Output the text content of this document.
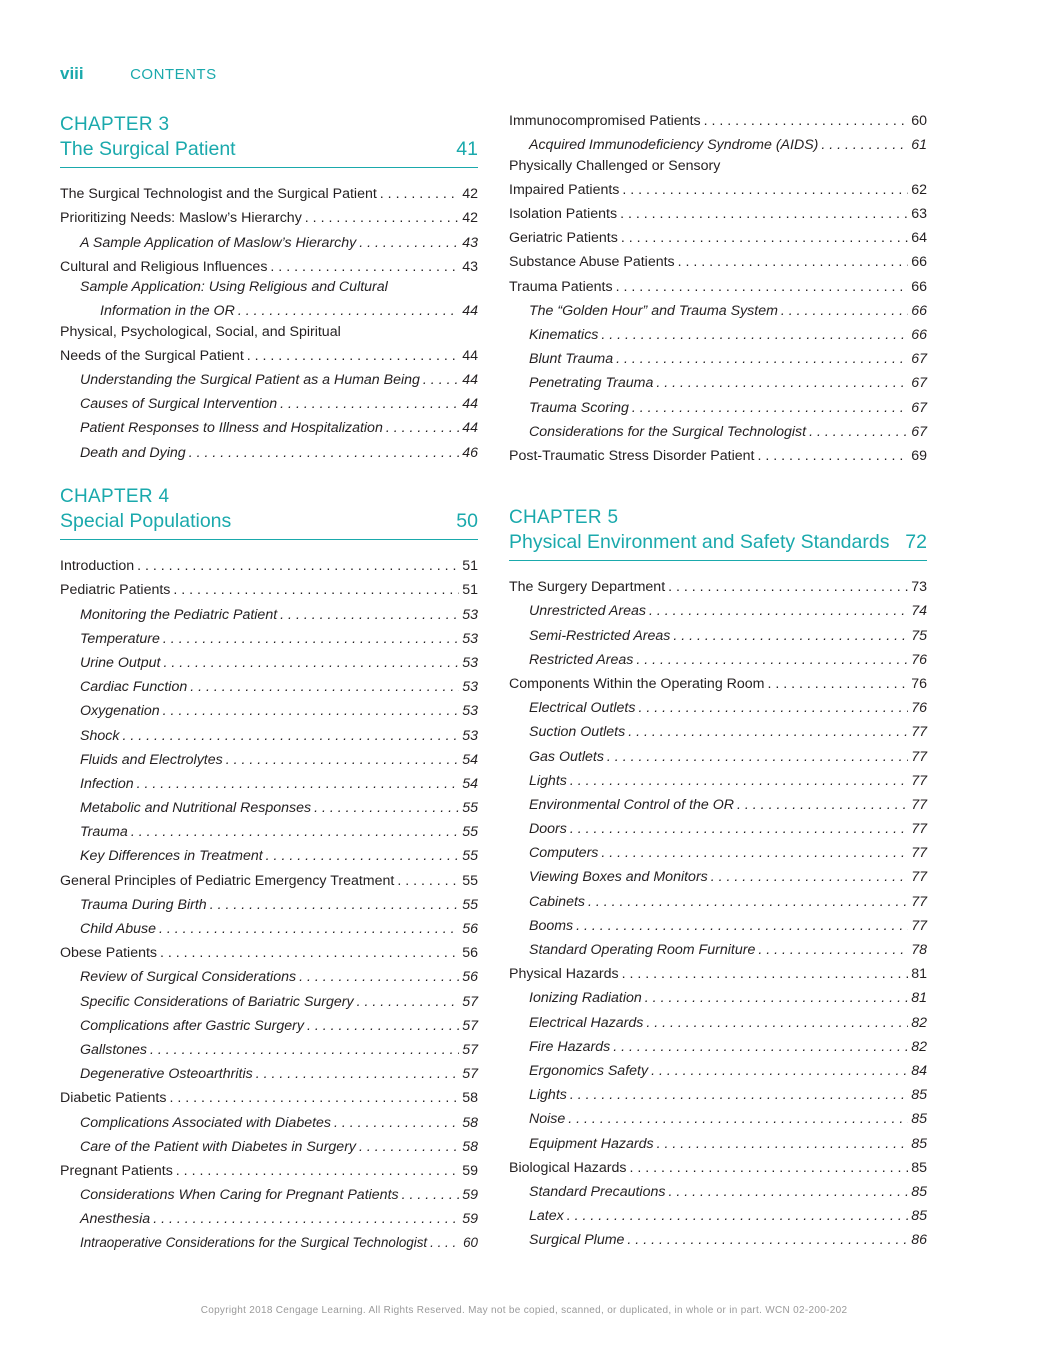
viii	CONTENTS
CHAPTER 3
The Surgical Patient	41
The Surgical Technologist and the Surgical Patient . . .	42
Prioritizing Needs: Maslow’s Hierarchy . . .	42
A Sample Application of Maslow’s Hierarchy . . .	43
Cultural and Religious Influences . . .	43
Sample Application: Using Religious and Cultural
Information in the OR . . .	44
Physical, Psychological, Social, and Spiritual
Needs of the Surgical Patient . . .	44
Understanding the Surgical Patient as a Human Being . . .	44
Causes of Surgical Intervention . . .	44
Patient Responses to Illness and Hospitalization . . .	44
Death and Dying . . .	46
CHAPTER 4
Special Populations	50
Introduction . . .	51
Pediatric Patients . . .	51
Monitoring the Pediatric Patient . . .	53
Temperature . . .	53
Urine Output . . .	53
Cardiac Function . . .	53
Oxygenation . . .	53
Shock . . .	53
Fluids and Electrolytes . . .	54
Infection . . .	54
Metabolic and Nutritional Responses . . .	55
Trauma . . .	55
Key Differences in Treatment . . .	55
General Principles of Pediatric Emergency Treatment . . .	55
Trauma During Birth . . .	55
Child Abuse . . .	56
Obese Patients . . .	56
Review of Surgical Considerations . . .	56
Specific Considerations of Bariatric Surgery . . .	57
Complications after Gastric Surgery . . .	57
Gallstones . . .	57
Degenerative Osteoarthritis . . .	57
Diabetic Patients . . .	58
Complications Associated with Diabetes . . .	58
Care of the Patient with Diabetes in Surgery . . .	58
Pregnant Patients . . .	59
Considerations When Caring for Pregnant Patients . . .	59
Anesthesia . . .	59
Intraoperative Considerations for the Surgical Technologist . . .	60
Immunocompromised Patients . . .	60
Acquired Immunodeficiency Syndrome (AIDS) . . .	61
Physically Challenged or Sensory
Impaired Patients . . .	62
Isolation Patients . . .	63
Geriatric Patients . . .	64
Substance Abuse Patients . . .	66
Trauma Patients . . .	66
The “Golden Hour” and Trauma System . . .	66
Kinematics . . .	66
Blunt Trauma . . .	67
Penetrating Trauma . . .	67
Trauma Scoring . . .	67
Considerations for the Surgical Technologist . . .	67
Post-Traumatic Stress Disorder Patient . . .	69
CHAPTER 5
Physical Environment and Safety Standards 72
The Surgery Department . . .	73
Unrestricted Areas . . .	74
Semi-Restricted Areas . . .	75
Restricted Areas . . .	76
Components Within the Operating Room . . .	76
Electrical Outlets . . .	76
Suction Outlets . . .	77
Gas Outlets . . .	77
Lights . . .	77
Environmental Control of the OR . . .	77
Doors . . .	77
Computers . . .	77
Viewing Boxes and Monitors . . .	77
Cabinets . . .	77
Booms . . .	77
Standard Operating Room Furniture . . .	78
Physical Hazards . . .	81
Ionizing Radiation . . .	81
Electrical Hazards . . .	82
Fire Hazards . . .	82
Ergonomics Safety . . .	84
Lights . . .	85
Noise . . .	85
Equipment Hazards . . .	85
Biological Hazards . . .	85
Standard Precautions . . .	85
Latex . . .	85
Surgical Plume . . .	86
Copyright 2018 Cengage Learning. All Rights Reserved. May not be copied, scanned, or duplicated, in whole or in part. WCN 02-200-202
